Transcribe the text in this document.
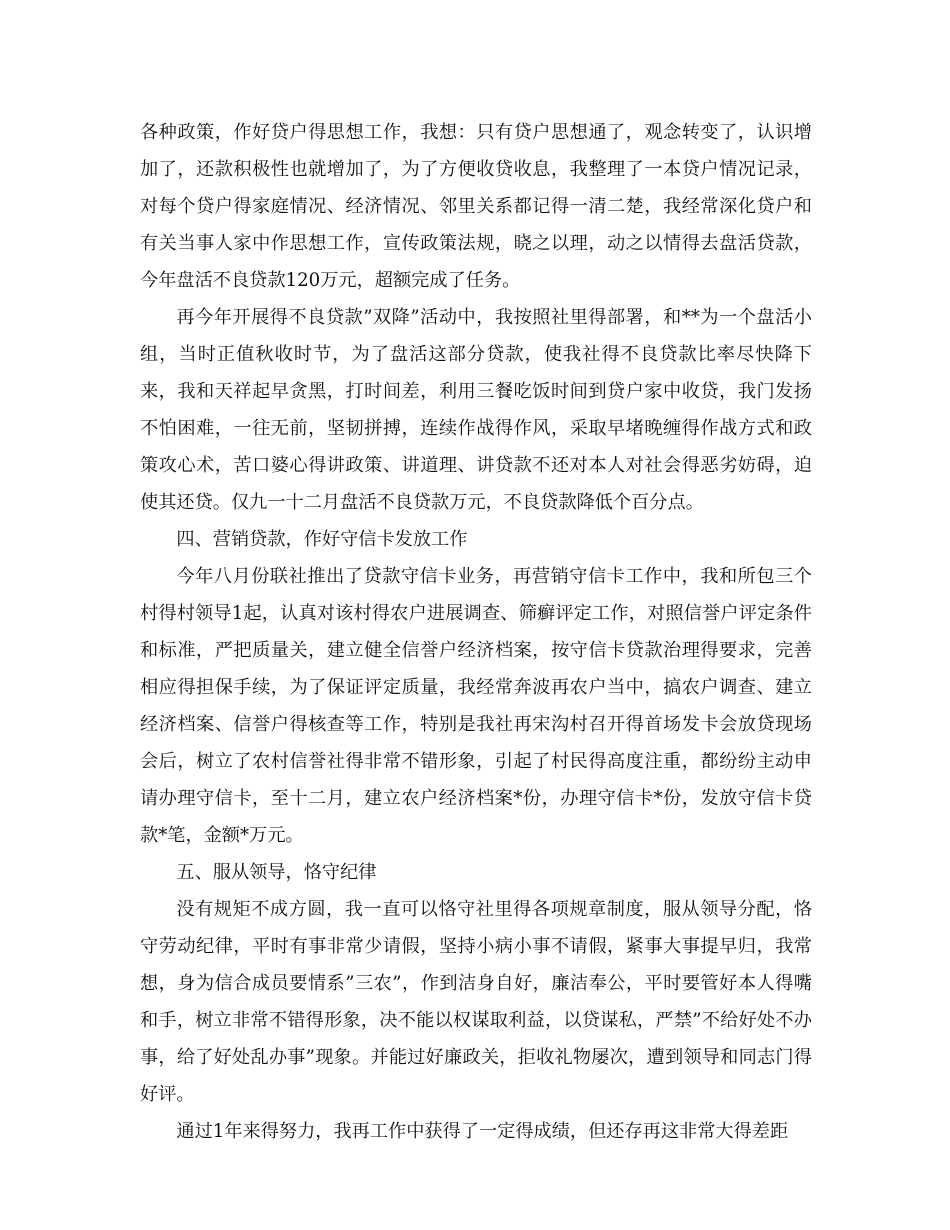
各种政策，作好贷户得思想工作，我想：只有贷户思想通了，观念转变了，认识增加了，还款积极性也就增加了，为了方便收贷收息，我整理了一本贷户情况记录，对每个贷户得家庭情况、经济情况、邻里关系都记得一清二楚，我经常深化贷户和有关当事人家中作思想工作，宣传政策法规，晓之以理，动之以情得去盘活贷款，今年盘活不良贷款120万元，超额完成了任务。

再今年开展得不良贷款”双降”活动中，我按照社里得部署，和**为一个盘活小组，当时正值秋收时节，为了盘活这部分贷款，使我社得不良贷款比率尽快降下来，我和天祥起早贪黑，打时间差，利用三餐吃饭时间到贷户家中收贷，我门发扬不怕困难，一往无前，坚韧拼搏，连续作战得作风，采取早堵晚缠得作战方式和政策攻心术，苦口婆心得讲政策、讲道理、讲贷款不还对本人对社会得恶劣妨碍，迫使其还贷。仅九一十二月盘活不良贷款万元，不良贷款降低个百分点。

四、营销贷款，作好守信卡发放工作

今年八月份联社推出了贷款守信卡业务，再营销守信卡工作中，我和所包三个村得村领导1起，认真对该村得农户进展调查、筛癣评定工作，对照信誉户评定条件和标准，严把质量关，建立健全信誉户经济档案，按守信卡贷款治理得要求，完善相应得担保手续，为了保证评定质量，我经常奔波再农户当中，搞农户调查、建立经济档案、信誉户得核查等工作，特别是我社再宋沟村召开得首场发卡会放贷现场会后，树立了农村信誉社得非常不错形象，引起了村民得高度注重，都纷纷主动申请办理守信卡，至十二月，建立农户经济档案*份，办理守信卡*份，发放守信卡贷款*笔，金额*万元。

五、服从领导，恪守纪律

没有规矩不成方圆，我一直可以恪守社里得各项规章制度，服从领导分配，恪守劳动纪律，平时有事非常少请假，坚持小病小事不请假，紧事大事提早归，我常想，身为信合成员要情系”三农”，作到洁身自好，廉洁奉公，平时要管好本人得嘴和手，树立非常不错得形象，决不能以权谋取利益，以贷谋私，严禁”不给好处不办事，给了好处乱办事”现象。并能过好廉政关，拒收礼物屡次，遭到领导和同志门得好评。

通过1年来得努力，我再工作中获得了一定得成绩，但还存再这非常大得差距
